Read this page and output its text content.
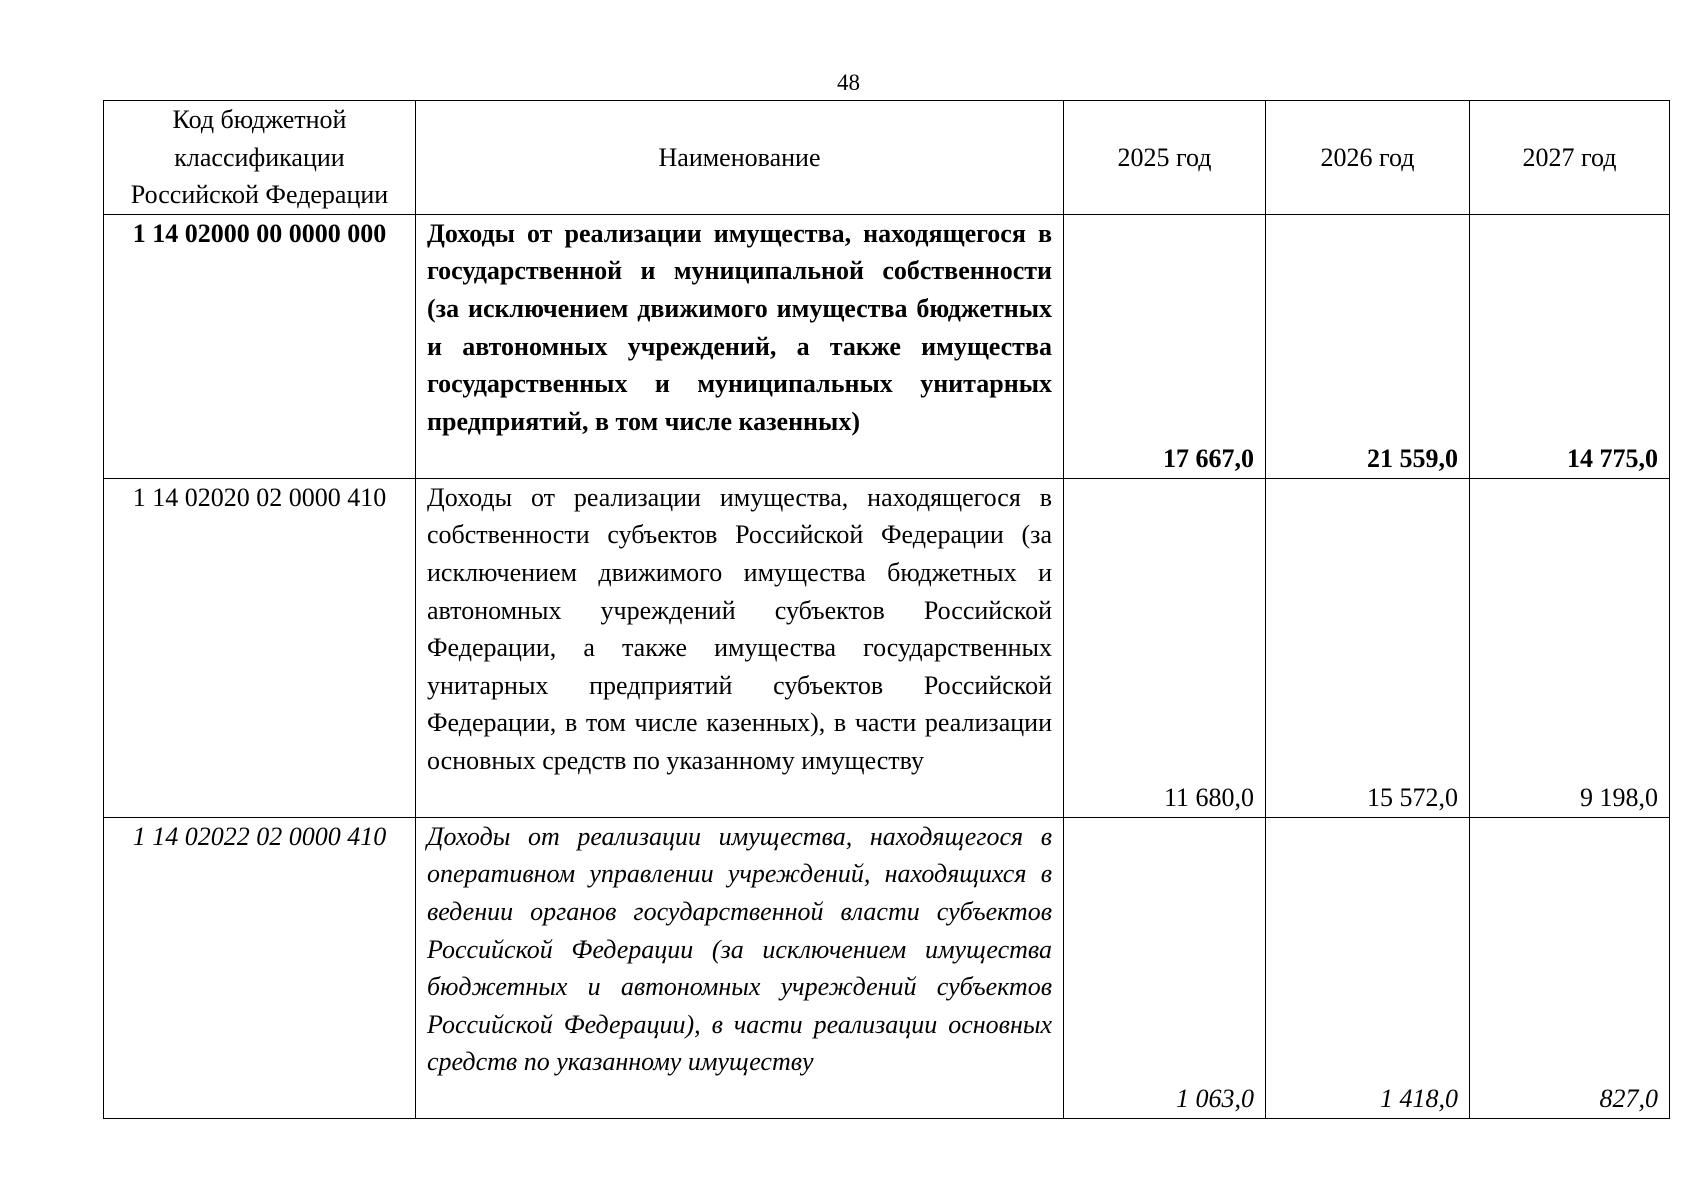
48
Код бюджетной классификации Российской Федерации	Наименование	2025 год	2026 год	2027 год
1 14 02000 00 0000 000	Доходы от реализации имущества, находящегося в государственной и муниципальной собственности (за исключением движимого имущества бюджетных и автономных учреждений, а также имущества государственных и муниципальных унитарных предприятий, в том числе казенных)	17 667,0	21 559,0	14 775,0
1 14 02020 02 0000 410	Доходы от реализации имущества, находящегося в собственности субъектов Российской Федерации (за исключением движимого имущества бюджетных и автономных учреждений субъектов Российской Федерации, а также имущества государственных унитарных предприятий субъектов Российской Федерации, в том числе казенных), в части реализации основных средств по указанному имуществу	11 680,0	15 572,0	9 198,0
1 14 02022 02 0000 410	Доходы от реализации имущества, находящегося в оперативном управлении учреждений, находящихся в ведении органов государственной власти субъектов Российской Федерации (за исключением имущества бюджетных и автономных учреждений субъектов Российской Федерации), в части реализации основных средств по указанному имуществу	1 063,0	1 418,0	827,0
